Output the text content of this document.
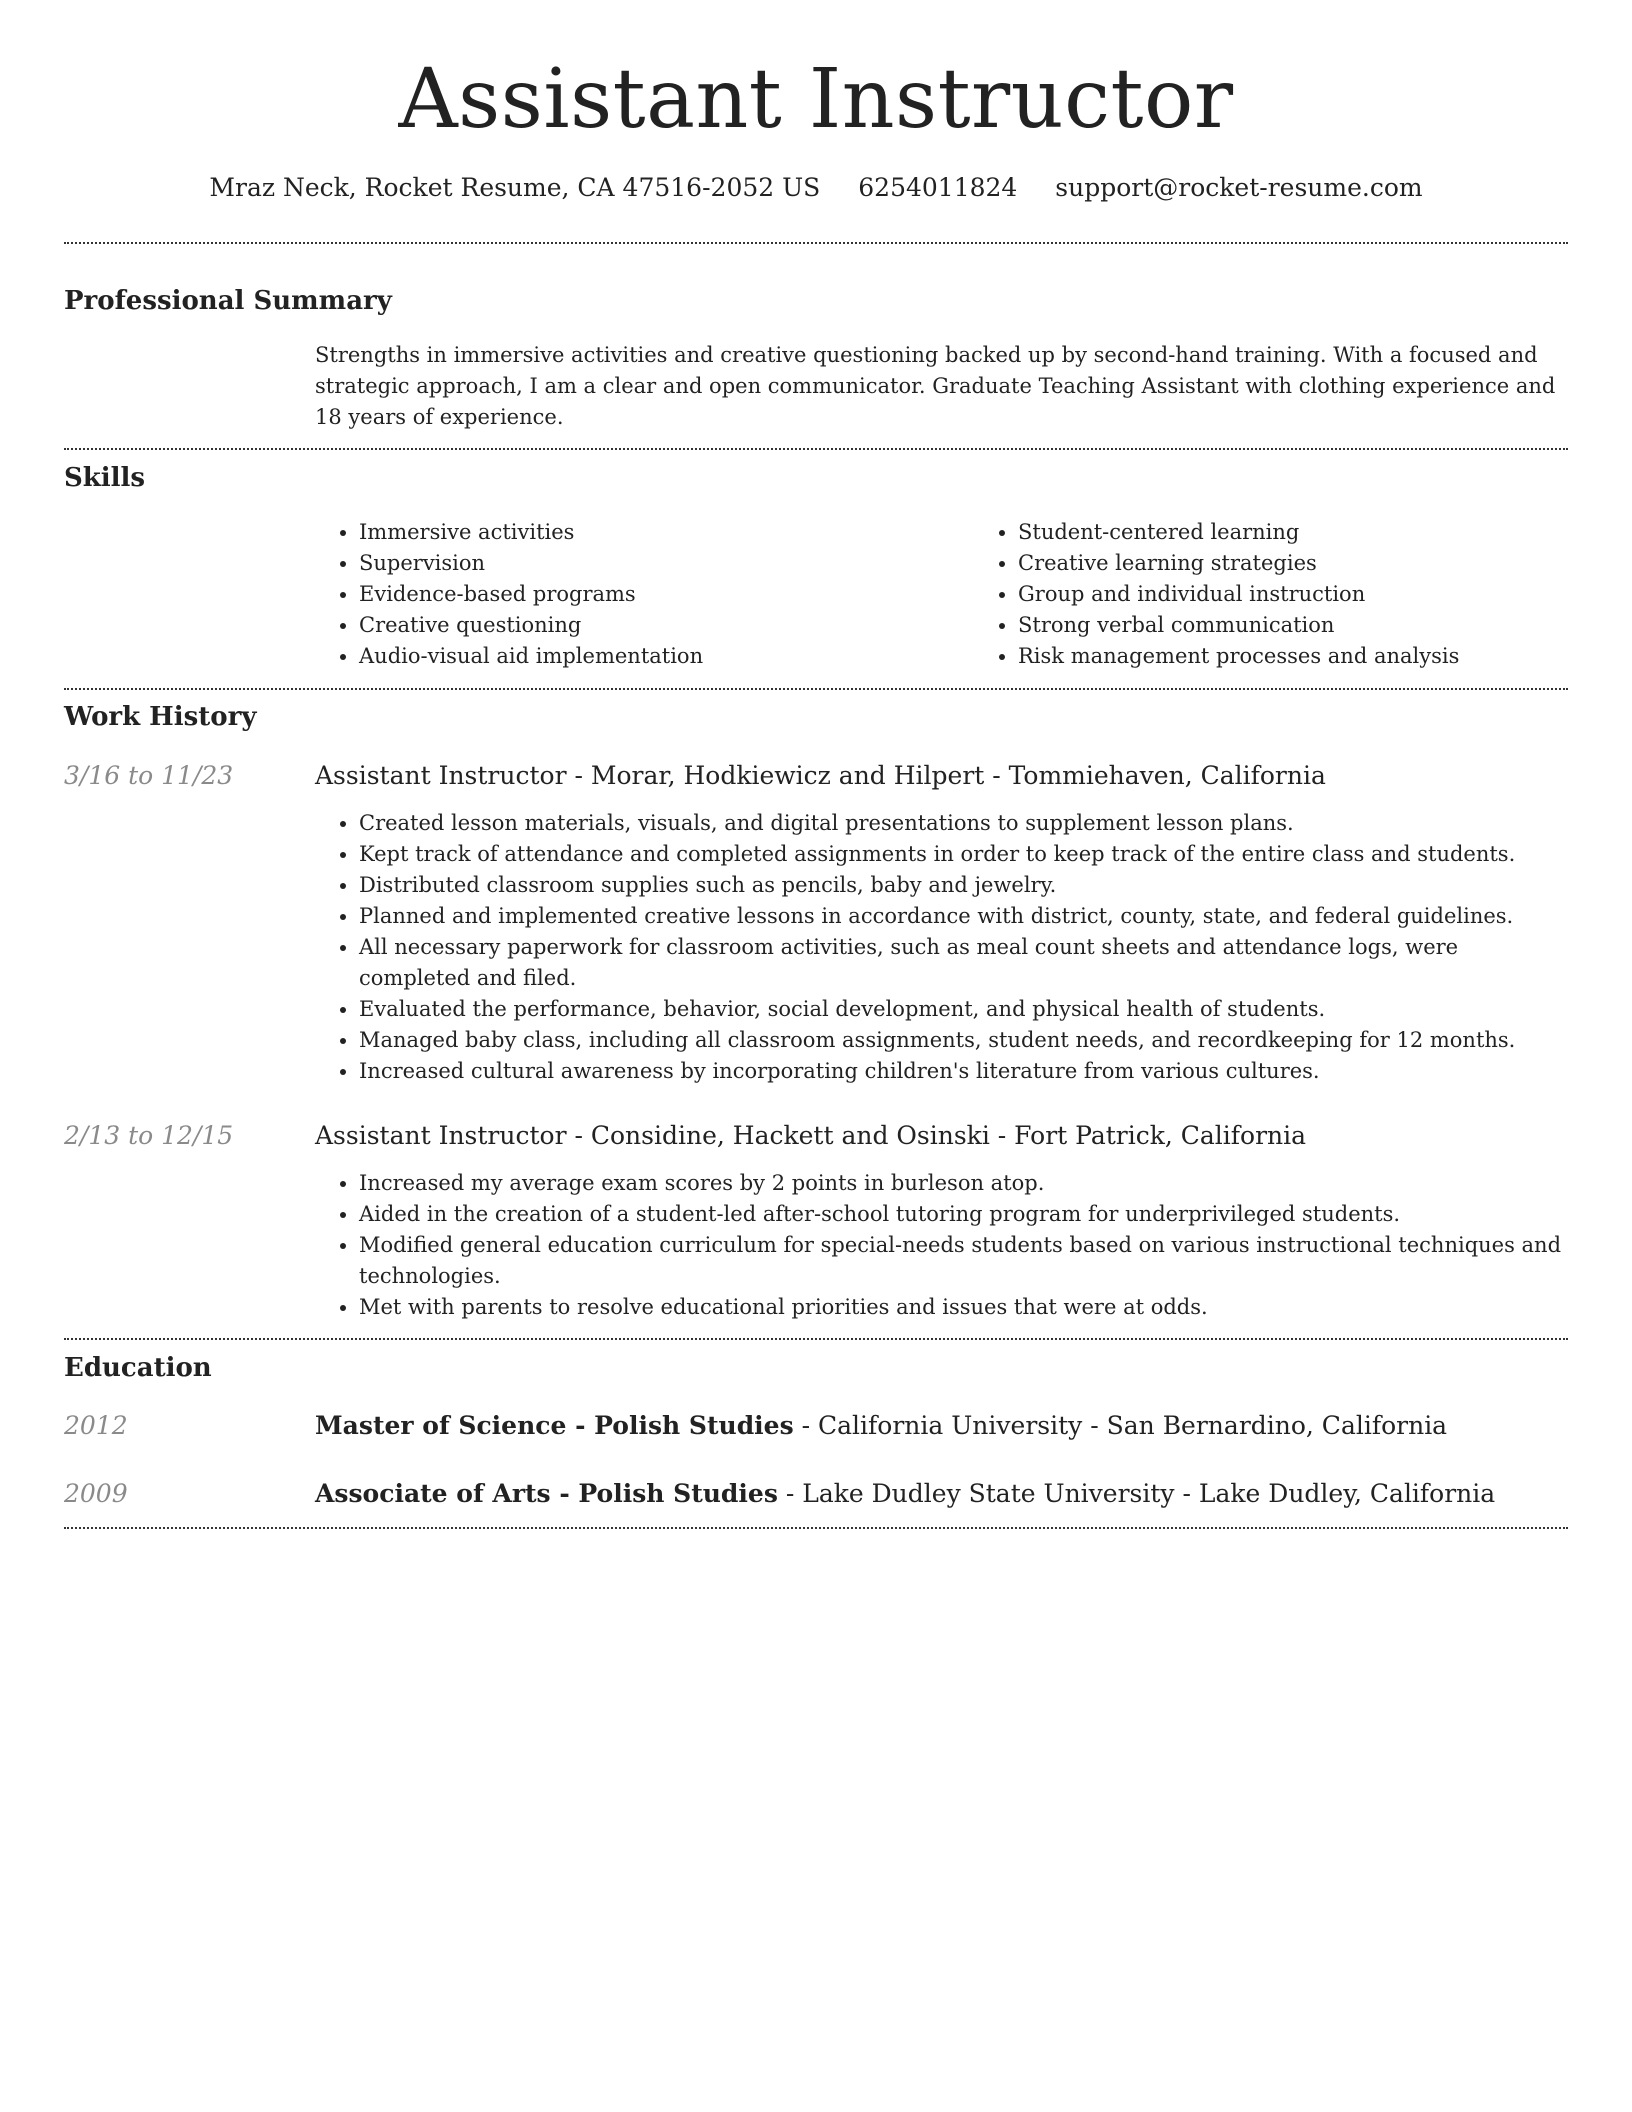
Assistant Instructor
Mraz Neck, Rocket Resume, CA 47516-2052 US 6254011824 support@rocket-resume.com
Professional Summary

Strengths in immersive activities and creative questioning backed up by second-hand training. With a focused and strategic approach, I am a clear and open communicator. Graduate Teaching Assistant with clothing experience and 18 years of experience.

Skills
• Immersive activities
• Supervision
• Evidence-based programs
• Creative questioning
• Audio-visual aid implementation
• Student-centered learning
• Creative learning strategies
• Group and individual instruction
• Strong verbal communication
• Risk management processes and analysis
Work History
3/16 to 11/23	Assistant Instructor - Morar, Hodkiewicz and Hilpert - Tommiehaven, California
• Created lesson materials, visuals, and digital presentations to supplement lesson plans.
• Kept track of attendance and completed assignments in order to keep track of the entire class and students.
• Distributed classroom supplies such as pencils, baby and jewelry.
• Planned and implemented creative lessons in accordance with district, county, state, and federal guidelines.
• All necessary paperwork for classroom activities, such as meal count sheets and attendance logs, were completed and filed.
• Evaluated the performance, behavior, social development, and physical health of students.
• Managed baby class, including all classroom assignments, student needs, and recordkeeping for 12 months.
• Increased cultural awareness by incorporating children's literature from various cultures.
2/13 to 12/15	Assistant Instructor - Considine, Hackett and Osinski - Fort Patrick, California
• Increased my average exam scores by 2 points in burleson atop.
• Aided in the creation of a student-led after-school tutoring program for underprivileged students.
• Modified general education curriculum for special-needs students based on various instructional techniques and technologies.
• Met with parents to resolve educational priorities and issues that were at odds.
Education
2012	Master of Science - Polish Studies - California University - San Bernardino, California
2009	Associate of Arts - Polish Studies - Lake Dudley State University - Lake Dudley, California
